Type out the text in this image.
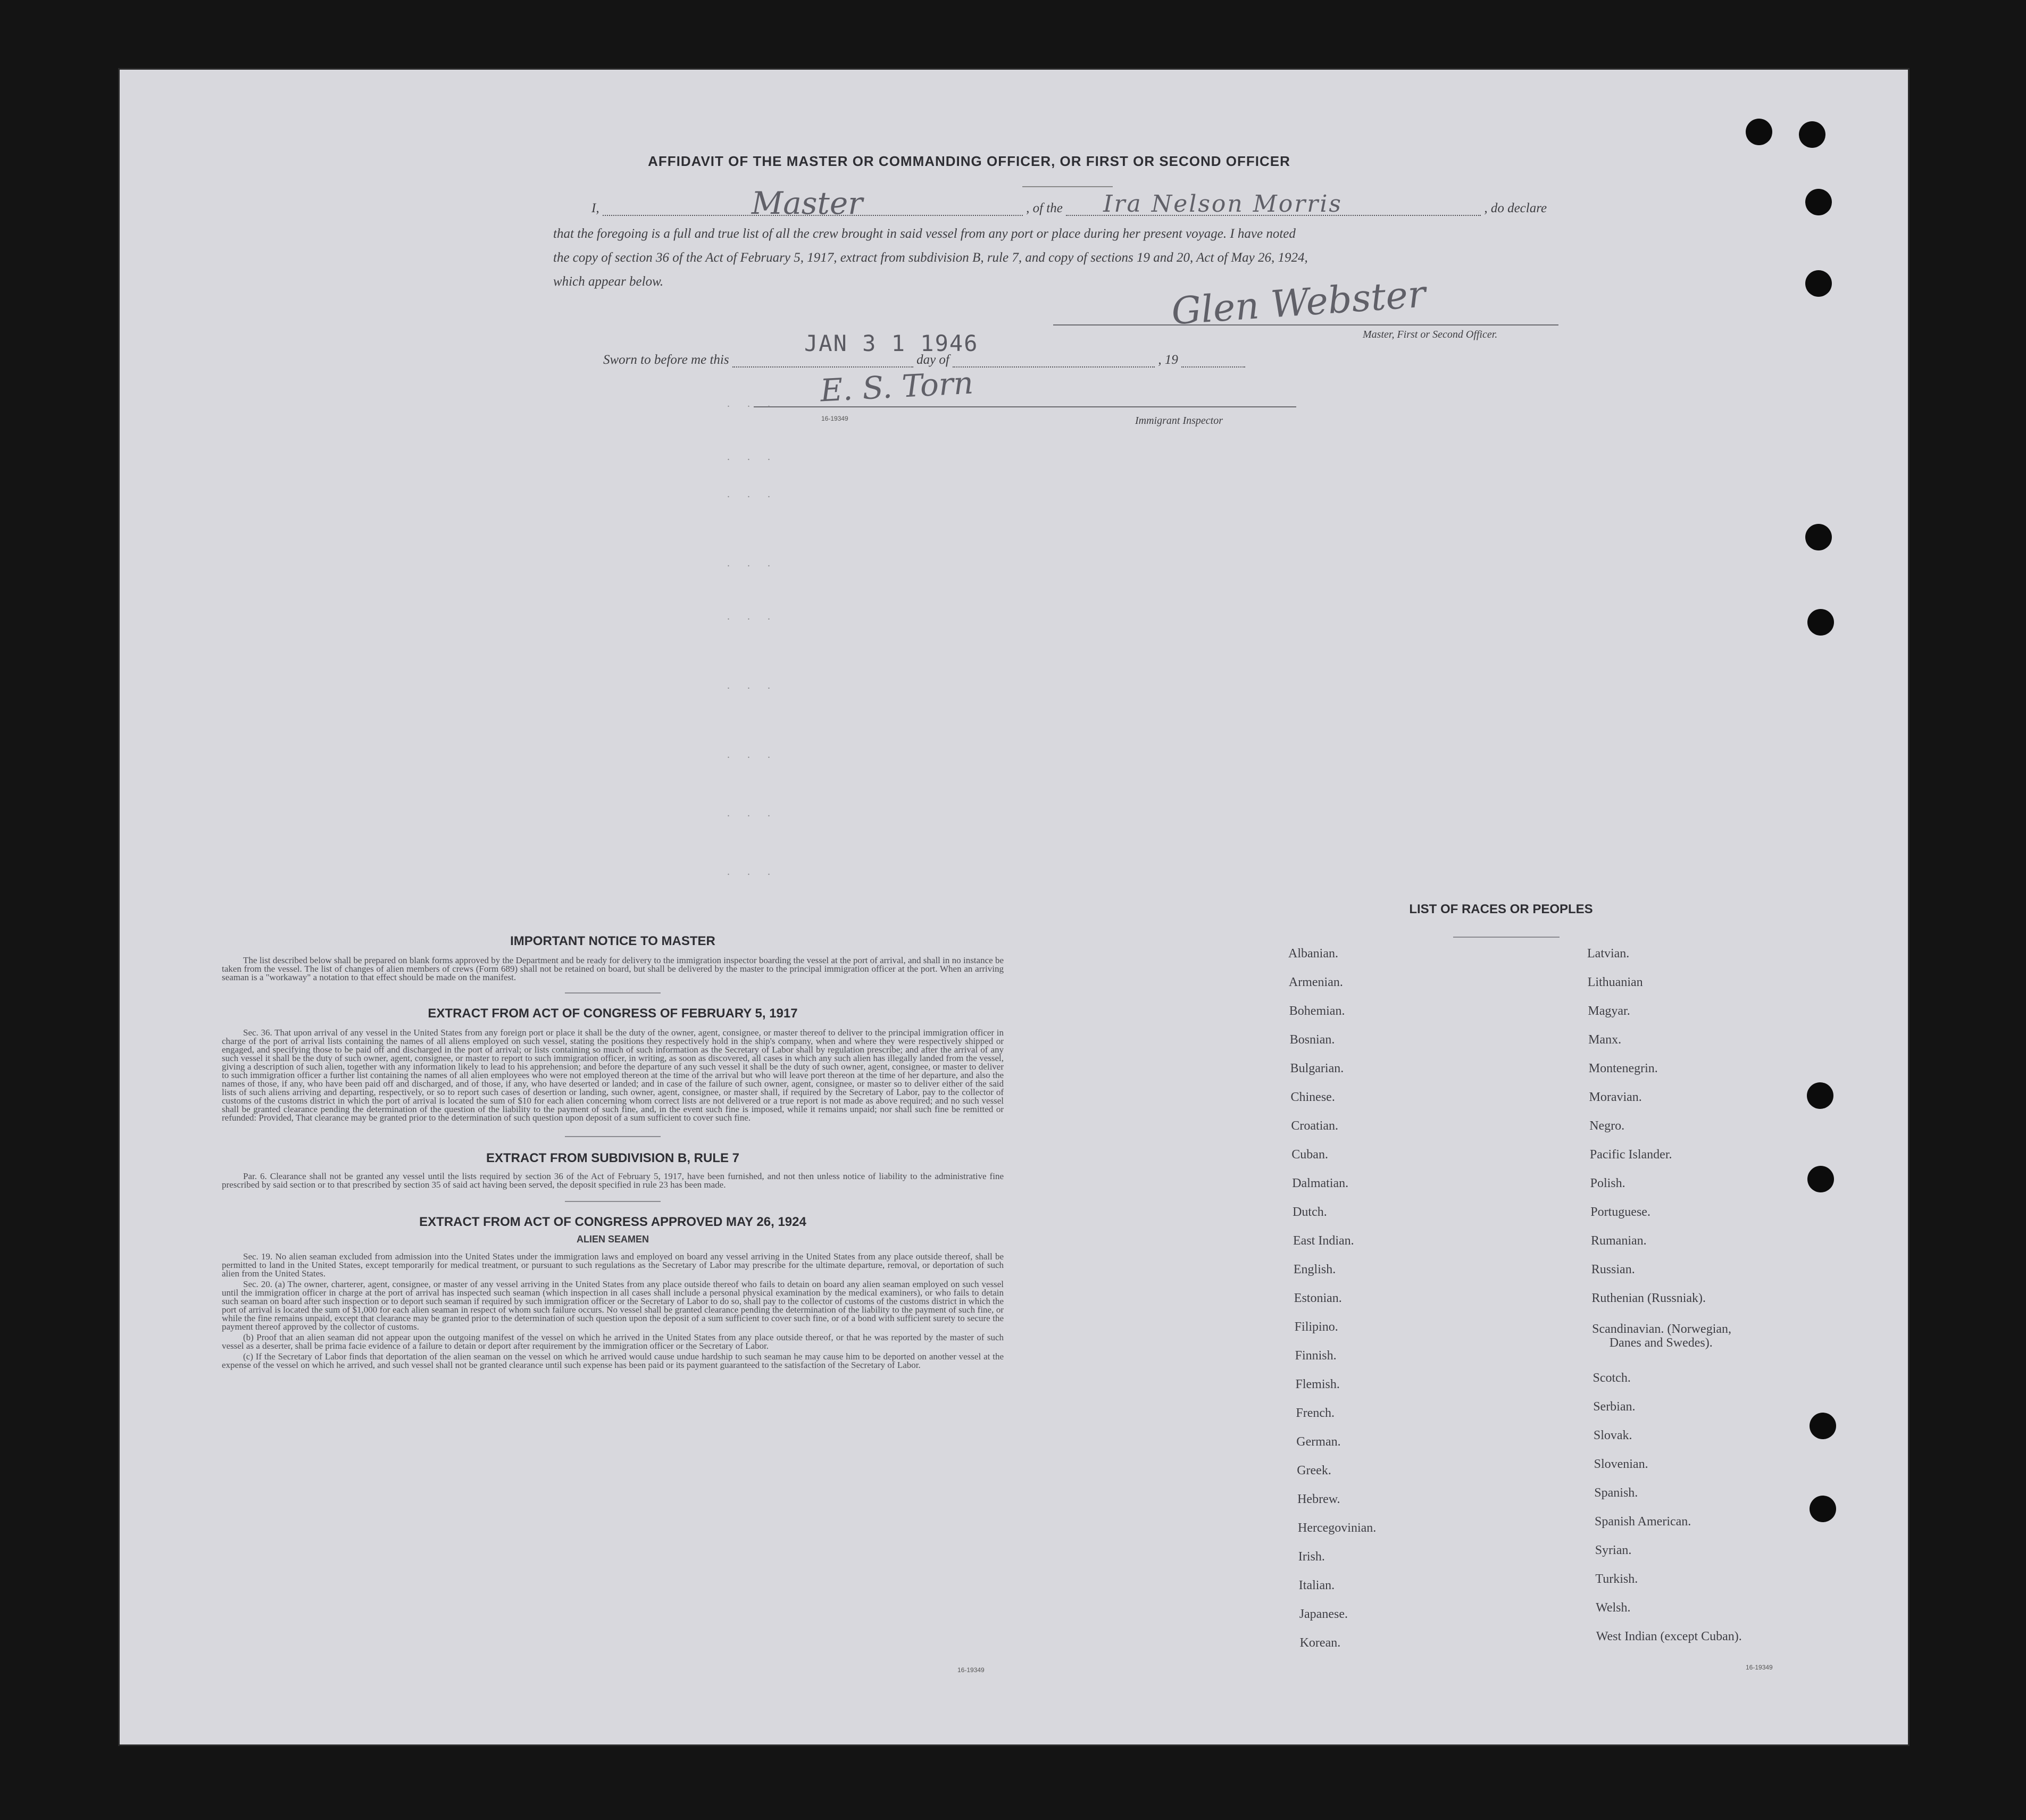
AFFIDAVIT OF THE MASTER OR COMMANDING OFFICER, OR FIRST OR SECOND OFFICER
I,	Master	, of the Ira Nelson Morris	, do declare
that the foregoing is a full and true list of all the crew brought in said vessel from any port or place during her present voyage. I have noted
the copy of section 36 of the Act of February 5, 1917, extract from subdivision B, rule 7, and copy of sections 19 and 20, Act of May 26, 1924,
which appear below.	Glen Webster
Master, First or Second Officer.
JAN 3 1 1946
Sworn to before me this	day of	, 19
E. S. Torn
16-19349	Immigrant Inspector
. . .
. . .
. . .
. . .
. . .
. . .
. . .
. . .
. . .
IMPORTANT NOTICE TO MASTER
The list described below shall be prepared on blank forms approved by the Department and be ready for delivery to the immigration inspector boarding the vessel at the port of arrival, and shall in no instance be taken from the vessel. The list of changes of alien members of crews (Form 689) shall not be retained on board, but shall be delivered by the master to the principal immigration officer at the port. When an arriving seaman is a "workaway" a notation to that effect should be made on the manifest.
EXTRACT FROM ACT OF CONGRESS OF FEBRUARY 5, 1917
Sec. 36. That upon arrival of any vessel in the United States from any foreign port or place it shall be the duty of the owner, agent, consignee, or master thereof to deliver to the principal immigration officer in charge of the port of arrival lists containing the names of all aliens employed on such vessel, stating the positions they respectively hold in the ship's company, when and where they were respectively shipped or engaged, and specifying those to be paid off and discharged in the port of arrival; or lists containing so much of such information as the Secretary of Labor shall by regulation prescribe; and after the arrival of any such vessel it shall be the duty of such owner, agent, consignee, or master to report to such immigration officer, in writing, as soon as discovered, all cases in which any such alien has illegally landed from the vessel, giving a description of such alien, together with any information likely to lead to his apprehension; and before the departure of any such vessel it shall be the duty of such owner, agent, consignee, or master to deliver to such immigration officer a further list containing the names of all alien employees who were not employed thereon at the time of the arrival but who will leave port thereon at the time of her departure, and also the names of those, if any, who have been paid off and discharged, and of those, if any, who have deserted or landed; and in case of the failure of such owner, agent, consignee, or master so to deliver either of the said lists of such aliens arriving and departing, respectively, or so to report such cases of desertion or landing, such owner, agent, consignee, or master shall, if required by the Secretary of Labor, pay to the collector of customs of the customs district in which the port of arrival is located the sum of $10 for each alien concerning whom correct lists are not delivered or a true report is not made as above required; and no such vessel shall be granted clearance pending the determination of the question of the liability to the payment of such fine, and, in the event such fine is imposed, while it remains unpaid; nor shall such fine be remitted or refunded: Provided, That clearance may be granted prior to the determination of such question upon deposit of a sum sufficient to cover such fine.
EXTRACT FROM SUBDIVISION B, RULE 7
Par. 6. Clearance shall not be granted any vessel until the lists required by section 36 of the Act of February 5, 1917, have been furnished, and not then unless notice of liability to the administrative fine prescribed by said section or to that prescribed by section 35 of said act having been served, the deposit specified in rule 23 has been made.
EXTRACT FROM ACT OF CONGRESS APPROVED MAY 26, 1924
ALIEN SEAMEN
Sec. 19. No alien seaman excluded from admission into the United States under the immigration laws and employed on board any vessel arriving in the United States from any place outside thereof, shall be permitted to land in the United States, except temporarily for medical treatment, or pursuant to such regulations as the Secretary of Labor may prescribe for the ultimate departure, removal, or deportation of such alien from the United States.
Sec. 20. (a) The owner, charterer, agent, consignee, or master of any vessel arriving in the United States from any place outside thereof who fails to detain on board any alien seaman employed on such vessel until the immigration officer in charge at the port of arrival has inspected such seaman (which inspection in all cases shall include a personal physical examination by the medical examiners), or who fails to detain such seaman on board after such inspection or to deport such seaman if required by such immigration officer or the Secretary of Labor to do so, shall pay to the collector of customs of the customs district in which the port of arrival is located the sum of $1,000 for each alien seaman in respect of whom such failure occurs. No vessel shall be granted clearance pending the determination of the liability to the payment of such fine, or while the fine remains unpaid, except that clearance may be granted prior to the determination of such question upon the deposit of a sum sufficient to cover such fine, or of a bond with sufficient surety to secure the payment thereof approved by the collector of customs.
(b) Proof that an alien seaman did not appear upon the outgoing manifest of the vessel on which he arrived in the United States from any place outside thereof, or that he was reported by the master of such vessel as a deserter, shall be prima facie evidence of a failure to detain or deport after requirement by the immigration officer or the Secretary of Labor.
(c) If the Secretary of Labor finds that deportation of the alien seaman on the vessel on which he arrived would cause undue hardship to such seaman he may cause him to be deported on another vessel at the expense of the vessel on which he arrived, and such vessel shall not be granted clearance until such expense has been paid or its payment guaranteed to the satisfaction of the Secretary of Labor.
16-19349
LIST OF RACES OR PEOPLES
Albanian.
Armenian.
Bohemian.
Bosnian.
Bulgarian.
Chinese.
Croatian.
Cuban.
Dalmatian.
Dutch.
East Indian.
English.
Estonian.
Filipino.
Finnish.
Flemish.
French.
German.
Greek.
Hebrew.
Hercegovinian.
Irish.
Italian.
Japanese.
Korean.
Latvian.
Lithuanian
Magyar.
Manx.
Montenegrin.
Moravian.
Negro.
Pacific Islander.
Polish.
Portuguese.
Rumanian.
Russian.
Ruthenian (Russniak).
Scandinavian. (Norwegian,
Danes and Swedes).
Scotch.
Serbian.
Slovak.
Slovenian.
Spanish.
Spanish American.
Syrian.
Turkish.
Welsh.
West Indian (except Cuban).
16-19349
